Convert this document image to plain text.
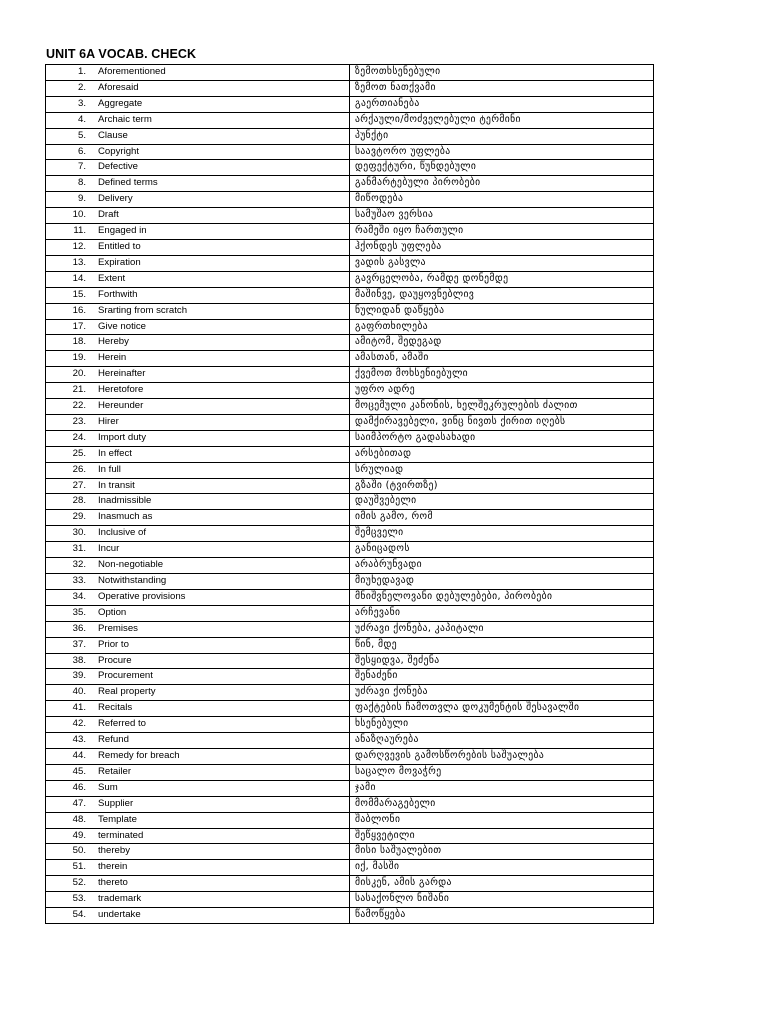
UNIT 6A VOCAB. CHECK
1.	Aforementioned	ზემოთხსენებული
2.	Aforesaid	ზემოთ ნათქვამი
3.	Aggregate	გაერთიანება
4.	Archaic term	არქაული/მოძველებული ტერმინი
5.	Clause	პუნქტი
6.	Copyright	საავტორო უფლება
7.	Defective	დეფექტური, წუნდებული
8.	Defined terms	განმარტებული პირობები
9.	Delivery	მიწოდება
10.	Draft	სამუშაო ვერსია
11.	Engaged in	რამეში იყო ჩართული
12.	Entitled to	ჰქონდეს უფლება
13.	Expiration	ვადის გასვლა
14.	Extent	გავრცელობა, რამდე დონემდე
15.	Forthwith	მაშინვე, დაუყოვნებლივ
16.	Srarting from scratch	ნულიდან დაწყება
17.	Give notice	გაფრთხილება
18.	Hereby	ამიტომ, შედეგად
19.	Herein	ამასთან, ამაში
20.	Hereinafter	ქვემოთ მოხსენიებული
21.	Heretofore	უფრო ადრე
22.	Hereunder	მოცემული კანონის, ხელშეკრულების ძალით
23.	Hirer	დამქირავებელი, ვინც ნივთს ქირით იღებს
24.	Import duty	საიმპორტო გადასახადი
25.	In effect	არსებითად
26.	In full	სრულიად
27.	In transit	გზაში (ტვირთზე)
28.	Inadmissible	დაუშვებელი
29.	Inasmuch as	იმის გამო, რომ
30.	Inclusive of	შემცველი
31.	Incur	განიცადოს
32.	Non-negotiable	არაბრუნვადი
33.	Notwithstanding	მიუხედავად
34.	Operative provisions	მნიშვნელოვანი დებულებები, პირობები
35.	Option	არჩევანი
36.	Premises	უძრავი ქონება, კაპიტალი
37.	Prior to	წინ, მდე
38.	Procure	შესყიდვა, შეძენა
39.	Procurement	შენაძენი
40.	Real property	უძრავი ქონება
41.	Recitals	ფაქტების ჩამოთვლა დოკუმენტის შესავალში
42.	Referred to	ხსენებული
43.	Refund	ანაზღაურება
44.	Remedy for breach	დარღვევის გამოსწორების საშუალება
45.	Retailer	საცალო მოვაჭრე
46.	Sum	ჯამი
47.	Supplier	მომმარაგებელი
48.	Template	შაბლონი
49.	terminated	შეწყვეტილი
50.	thereby	მისი საშუალებით
51.	therein	იქ, მასში
52.	thereto	მისკენ, ამის გარდა
53.	trademark	სასაქონლო ნიშანი
54.	undertake	წამოწყება
